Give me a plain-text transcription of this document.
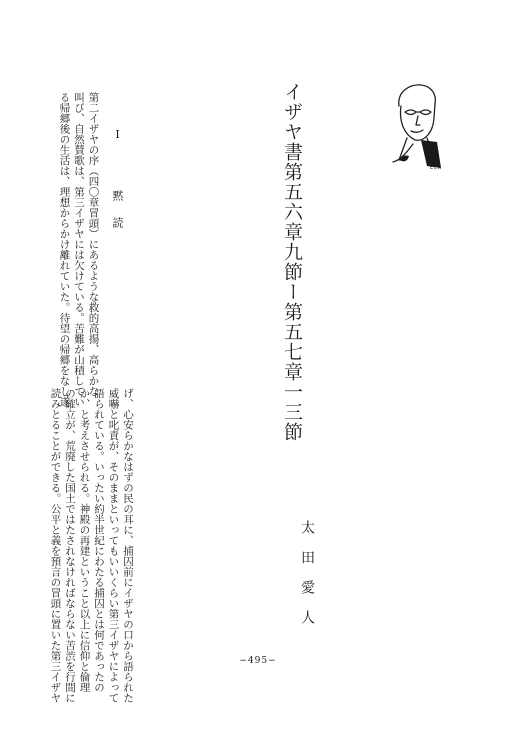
イザヤ書第五六章九節ー第五七章一三節
太田愛人
ECK
Ⅰ 黙読
第二イザヤの序（四〇章冒頭）にあるような救的高揚、高らかな
叫び、自然賛歌は、第三イザヤには欠けている。苦難が山積してい
る帰郷後の生活は、理想からかけ離れていた。待望の帰郷をなし遂
げ、心安らかなはずの民の耳に、捕囚前にイザヤの口から語られた
威嚇と叱責が、そのままといってもいいくらい第三イザヤによって
語られている。いったい約半世紀にわたる捕囚とは何であったの
か、と考えさせられる。神殿の再建ということ以上に信仰と倫理
の確立が、荒廃した国土ではたされなければならない苦渋を行間に
読みとることができる。公平と義を預言の冒頭に置いた第三イザヤ	−495−
